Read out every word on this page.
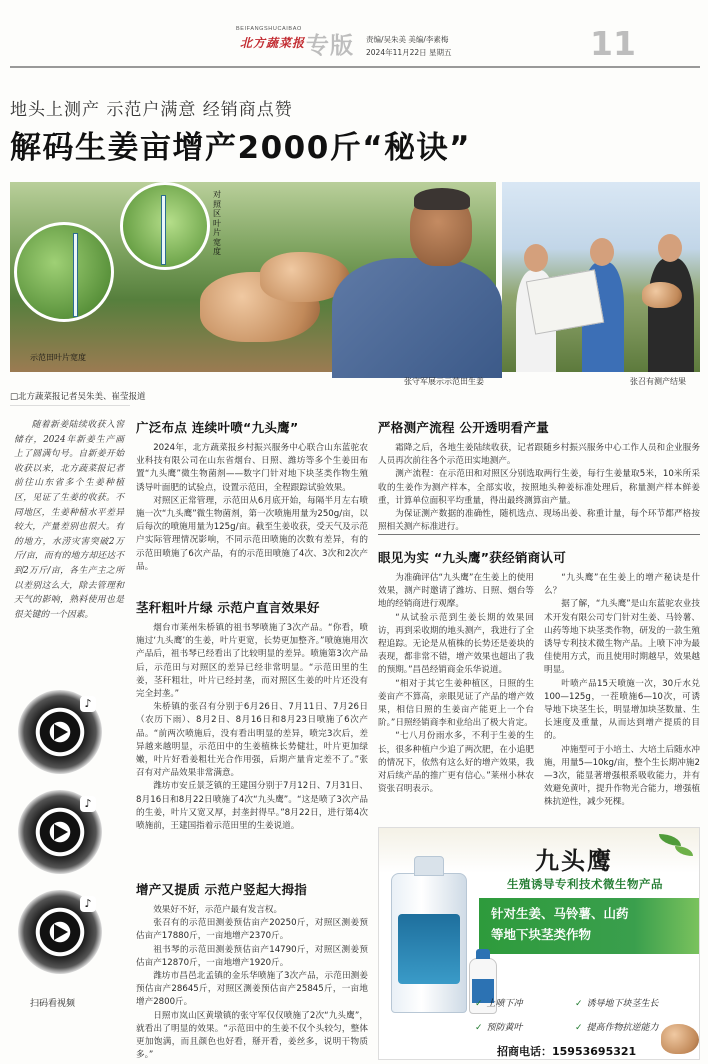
BEIFANGSHUCAIBAO
北方蔬菜报 专版 责编/吴朱美 美编/李素梅
2024年11月22日 星期五	11
地头上测产 示范户满意 经销商点赞
解码生姜亩增产2000斤“秘诀”
对照区叶片宽度
示范田叶片宽度
张守军展示示范田生姜	张召有测产结果
□北方蔬菜报记者吴朱美、崔莹报道
随着新姜陆续收获入窖储存，2024年新姜生产画上了圆满句号。自新姜开始收获以来，北方蔬菜报记者前往山东省多个生姜种植区，见证了生姜的收获。不同地区，生姜种植水平差异较大，产量差别也很大。有的地方，水涝灾害突破2万斤/亩，而有的地方却还达不到2万斤/亩，各生产主之所以差别这么大，除去管理和天气的影响，熟料使用也是很关键的一个因素。
♪
♪
♪
扫码看视频
广泛布点 连续叶喷“九头鹰”

2024年，北方蔬菜报乡村振兴服务中心联合山东蓝驼农业科技有限公司在山东省烟台、日照、潍坊等多个生姜田布置“九头鹰”微生物菌剂——数字门针对地下块茎类作物生殖诱导叶面肥的试验点，设置示范田，全程跟踪试验效果。

对照区正常管理，示范田从6月底开始，每隔半月左右喷施一次“九头鹰”微生物菌剂，第一次喷施用量为250g/亩，以后每次的喷施用量为125g/亩。截至生姜收获，受天气及示范户实际管理情况影响，不同示范田喷施的次数有差异，有的示范田喷施了6次产品，有的示范田喷施了4次、3次和2次产品。

茎秆粗叶片绿 示范户直言效果好

烟台市莱州朱桥镇的祖书琴喷施了3次产品。“你看，喷施过‘九头鹰’的生姜，叶片更宽，长势更加整齐。”喷施施用次产品后，祖书琴已经看出了比较明显的差异。喷施第3次产品后，示范田与对照区的差异已经非常明显。“示范田里的生姜，茎秆粗壮，叶片已经封垄，而对照区生姜的叶片还没有完全封垄。”

朱桥镇的张召有分别于6月26日、7月11日、7月26日（农历下雨）、8月2日、8月16日和8月23日喷施了6次产品。“前两次喷施后，没有看出明显的差异，喷完3次后，差异越来越明显，示范田中的生姜植株长势健壮，叶片更加绿嫩，叶片好看姜粗壮光合作用强，后期产量肯定差不了。”张召有对产品效果非常满意。

潍坊市安丘景芝镇的王建国分别于7月12日、7月31日、8月16日和8月22日喷施了4次“九头鹰”。“这是喷了3次产品的生姜，叶片又宽又厚，封垄封得早。”8月22日，进行第4次喷施前，王建国指着示范田里的生姜说道。

增产又提质 示范户竖起大拇指

效果好不好，示范户最有发言权。

张召有的示范田测姜预估亩产20250斤，对照区测姜预估亩产17880斤，一亩地增产2370斤。

祖书琴的示范田测姜预估亩产14790斤，对照区测姜预估亩产12870斤，一亩地增产1920斤。

潍坊市昌邑北孟镇的金乐华喷施了3次产品，示范田测姜预估亩产28645斤，对照区测姜预估亩产25845斤，一亩地增产2800斤。

日照市岚山区黄墩镇的张守军仅仅喷施了2次“九头鹰”，就看出了明显的效果。“示范田中的生姜不仅个头较匀，整体更加饱满，而且颜色也好看，掰开看，姜丝多，说明干物质多。”

严格测产流程 公开透明看产量

霜降之后，各地生姜陆续收获，记者跟随乡村振兴服务中心工作人员和企业服务人员再次前往各个示范田实地测产。

测产流程：在示范田和对照区分别选取两行生姜，每行生姜量取5米，10米所采收的生姜作为测产样本，全部实收，按照地头种姜标准处理后，称量测产样本鲜姜重，计算单位面积平均重量，得出最终测算亩产量。

为保证测产数据的准确性，随机选点、现场出姜、称重计量，每个环节都严格按照相关测产标准进行。

眼见为实 “九头鹰”获经销商认可

为准确评估“九头鹰”在生姜上的使用效果，测产时邀请了潍坊、日照、烟台等地的经销商进行观摩。

“从试验示范到生姜长期的效果回访，再到采收期的地头测产，我进行了全程追踪。无论是从植株的长势还是姜块的表现，都非常不错，增产效果也超出了我的预期。”昌邑经销商金乐华说道。

“相对于其它生姜种植区，日照的生姜亩产不算高，亲眼见证了产品的增产效果，相信日照的生姜亩产能更上一个台阶。”日照经销商李和业给出了极大肯定。

“七八月份雨水多，不利于生姜的生长，很多种植户少追了两次肥，在小追肥的情况下，依然有这么好的增产效果，我对后续产品的推广更有信心。”莱州小林农资张召明表示。

“九头鹰”在生姜上的增产秘诀是什么？

据了解，“九头鹰”是山东蓝驼农业技术开发有限公司专门针对生姜、马铃薯、山药等地下块茎类作物，研发的一款生殖诱导专利技术微生物产品。上喷下冲为最佳使用方式，而且使用时期越早，效果越明显。

叶喷产品15天喷施一次，30斤水兑100—125g，一茬喷施6—10次，可诱导地下块茎生长，明显增加块茎数量、生长速度及重量，从而达到增产提质的目的。

冲施型可于小培土、大培土后随水冲施，用量5—10kg/亩，整个生长期冲施2—3次，能显著增强根系吸收能力，并有效避免黄叶，提升作物光合能力，增强植株抗逆性，减少死棵。

九头鹰
生殖诱导专利技术微生物产品
针对生姜、马铃薯、山药
等地下块茎类作物
✓ 上喷下冲	✓ 诱导地下块茎生长
✓ 预防黄叶	✓ 提高作物抗逆能力
招商电话：15953695321
